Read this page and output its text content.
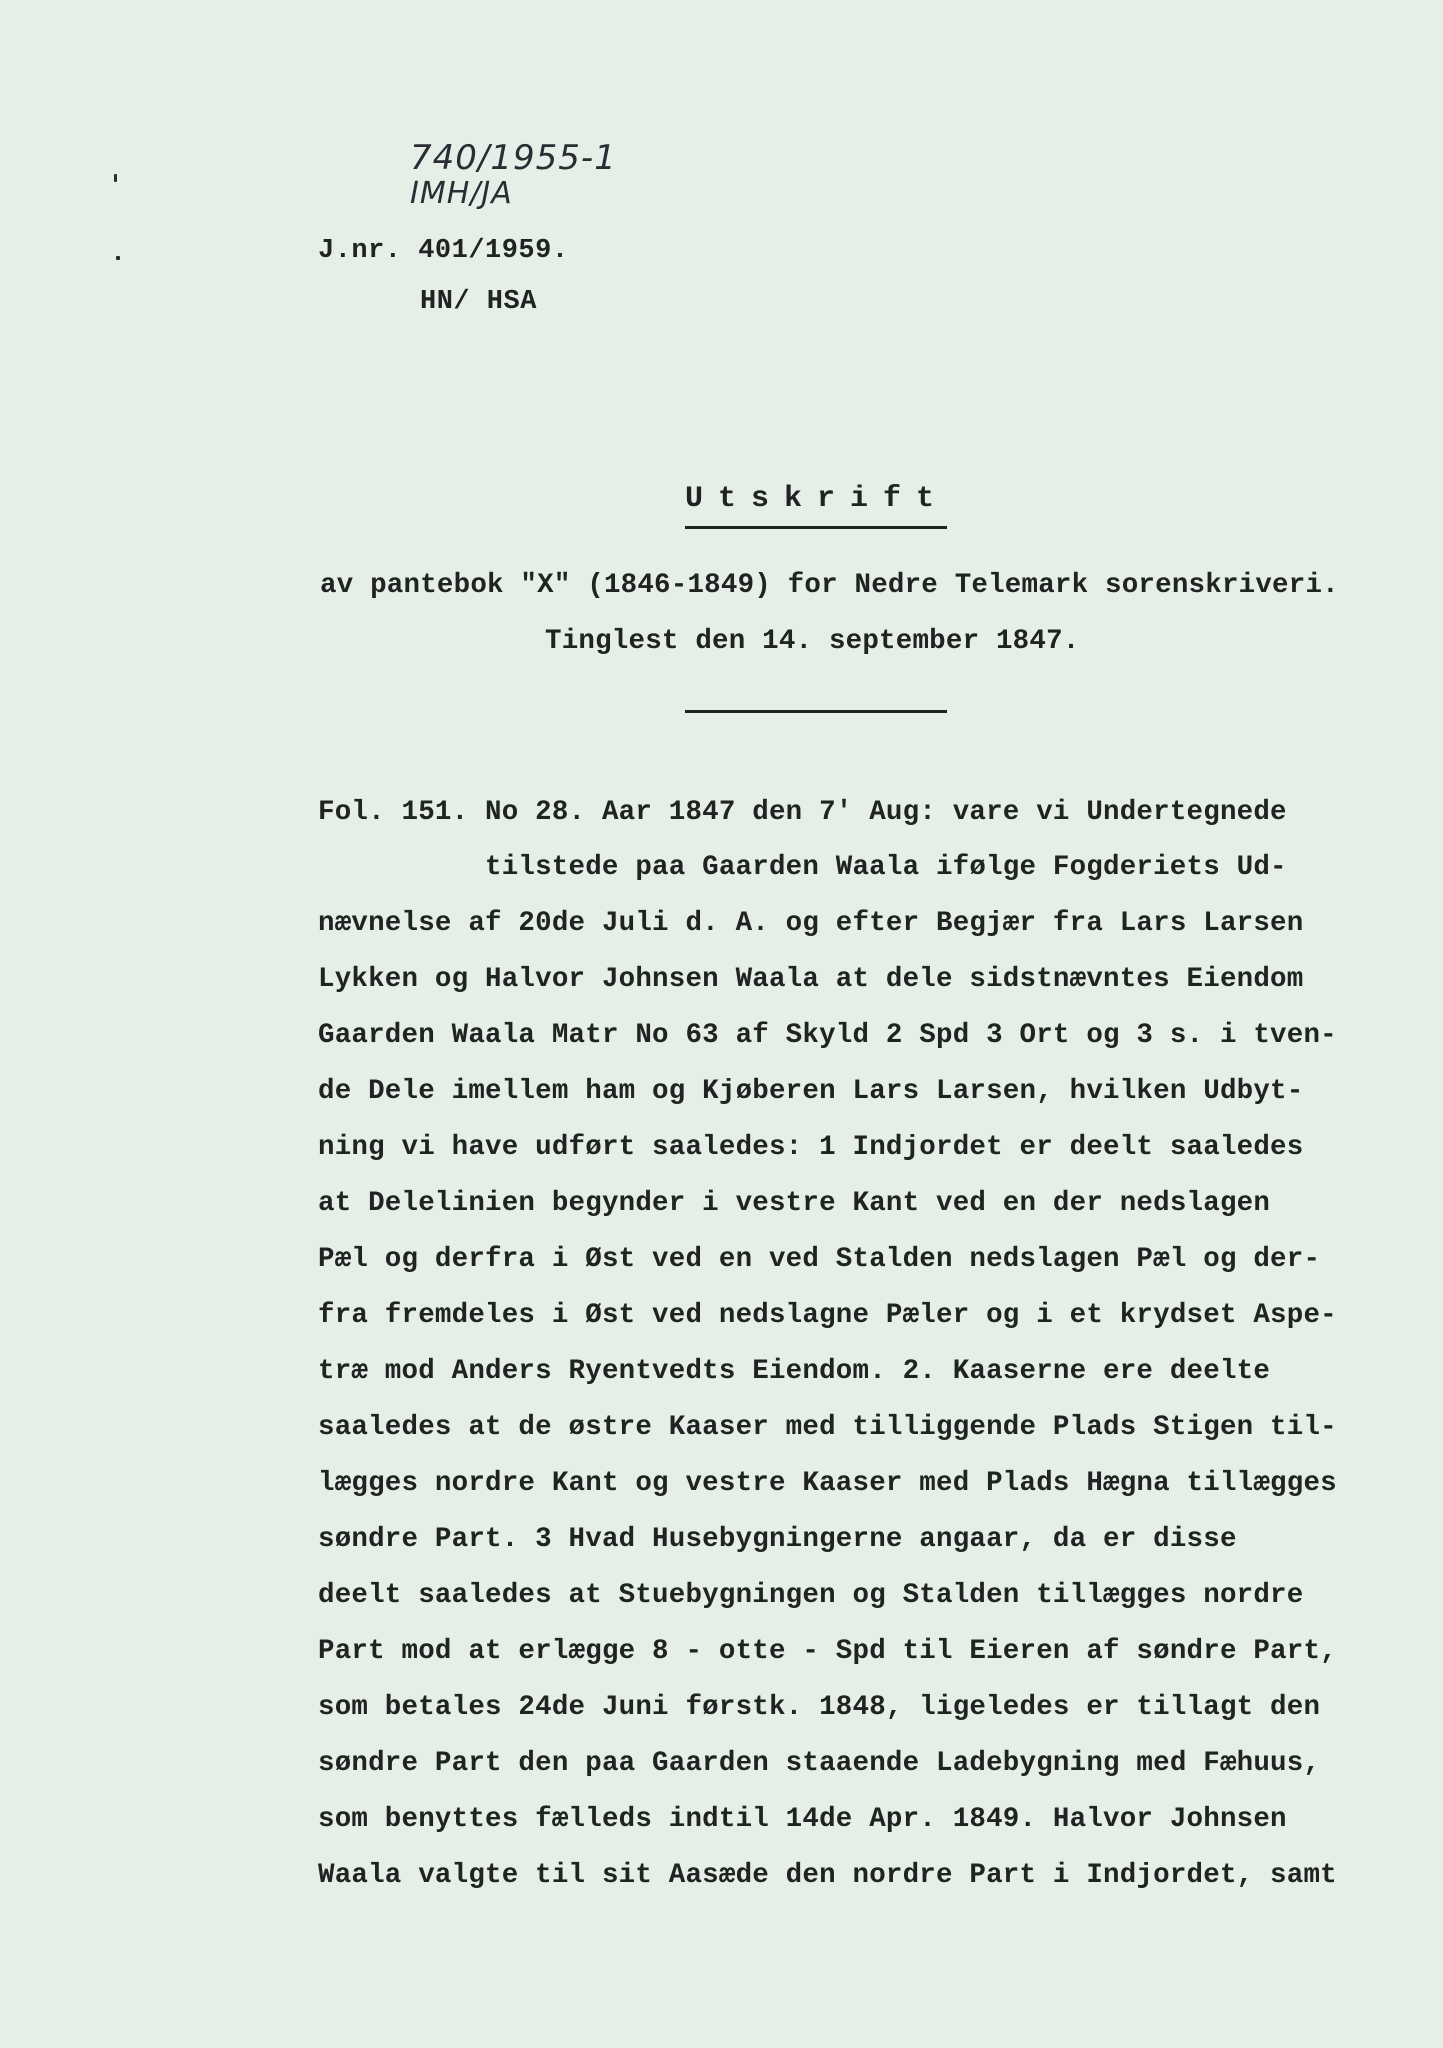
740/1955-1
IMH/JA
J.nr. 401/1959.
HN/ HSA
Utskrift
av pantebok "X" (1846-1849) for Nedre Telemark sorenskriveri.
Tinglest den 14. september 1847.
Fol. 151. No 28. Aar 1847 den 7' Aug: vare vi Undertegnede
tilstede paa Gaarden Waala ifølge Fogderiets Ud-
nævnelse af 20de Juli d. A. og efter Begjær fra Lars Larsen
Lykken og Halvor Johnsen Waala at dele sidstnævntes Eiendom
Gaarden Waala Matr No 63 af Skyld 2 Spd 3 Ort og 3 s. i tven-
de Dele imellem ham og Kjøberen Lars Larsen, hvilken Udbyt-
ning vi have udført saaledes: 1 Indjordet er deelt saaledes
at Delelinien begynder i vestre Kant ved en der nedslagen
Pæl og derfra i Øst ved en ved Stalden nedslagen Pæl og der-
fra fremdeles i Øst ved nedslagne Pæler og i et krydset Aspe-
træ mod Anders Ryentvedts Eiendom. 2. Kaaserne ere deelte
saaledes at de østre Kaaser med tilliggende Plads Stigen til-
lægges nordre Kant og vestre Kaaser med Plads Hægna tillægges
søndre Part. 3 Hvad Husebygningerne angaar, da er disse
deelt saaledes at Stuebygningen og Stalden tillægges nordre
Part mod at erlægge 8 - otte - Spd til Eieren af søndre Part,
som betales 24de Juni førstk. 1848, ligeledes er tillagt den
søndre Part den paa Gaarden staaende Ladebygning med Fæhuus,
som benyttes fælleds indtil 14de Apr. 1849. Halvor Johnsen
Waala valgte til sit Aasæde den nordre Part i Indjordet, samt
